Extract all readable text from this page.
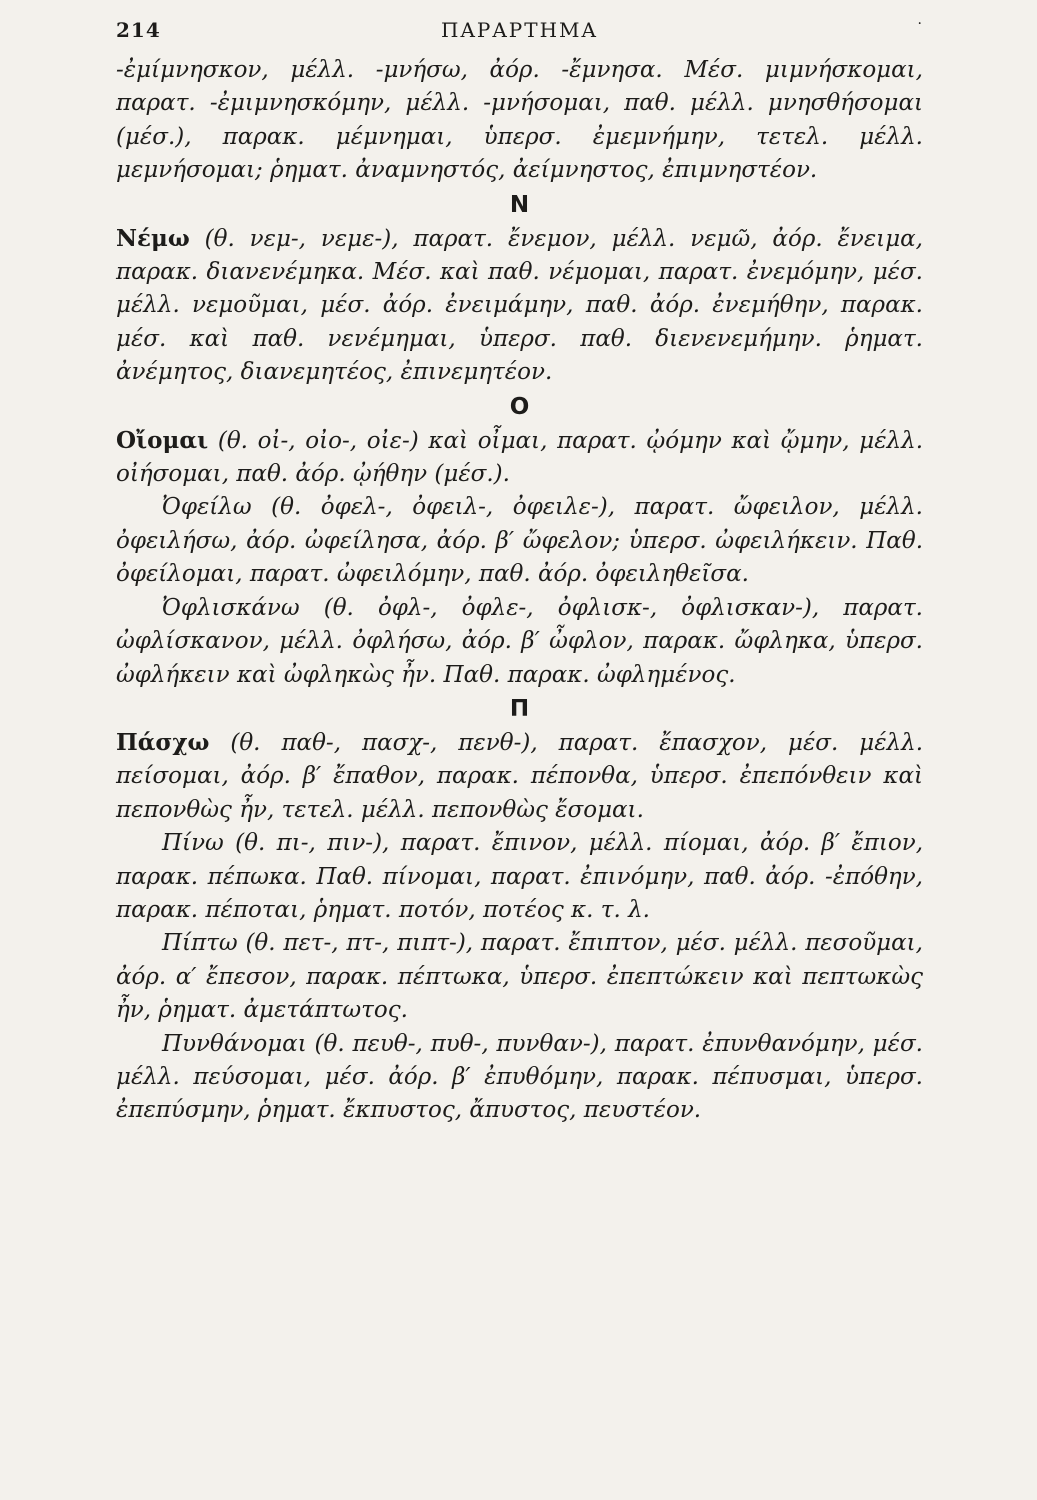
214	ΠΑΡΑΡΤΗΜΑ	·

-ἐμίμνησκον, μέλλ. -μνήσω, ἀόρ. -ἔμνησα. Μέσ. μιμνήσκομαι, παρατ. -ἐμιμνησκόμην, μέλλ. -μνήσομαι, παθ. μέλλ. μνησθήσομαι (μέσ.), παρακ. μέμνημαι, ὑπερσ. ἐμεμνήμην, τετελ. μέλλ. μεμνήσομαι; ῥηματ. ἀναμνηστός, ἀείμνηστος, ἐπιμνηστέον.

N

Νέμω (θ. νεμ-, νεμε-), παρατ. ἔνεμον, μέλλ. νεμῶ, ἀόρ. ἔνειμα, παρακ. διανενέμηκα. Μέσ. καὶ παθ. νέμομαι, παρατ. ἐνεμόμην, μέσ. μέλλ. νεμοῦμαι, μέσ. ἀόρ. ἐνειμάμην, παθ. ἀόρ. ἐνεμήθην, παρακ. μέσ. καὶ παθ. νενέμημαι, ὑπερσ. παθ. διενενεμήμην. ῥηματ. ἀνέμητος, διανεμητέος, ἐπινεμητέον.

O

Οἴομαι (θ. οἰ-, οἰο-, οἰε-) καὶ οἶμαι, παρατ. ᾠόμην καὶ ᾤμην, μέλλ. οἰήσομαι, παθ. ἀόρ. ᾠήθην (μέσ.).

Ὀφείλω (θ. ὀφελ-, ὀφειλ-, ὀφειλε-), παρατ. ὤφειλον, μέλλ. ὀφειλήσω, ἀόρ. ὠφείλησα, ἀόρ. β′ ὤφελον; ὑπερσ. ὠφειλήκειν. Παθ. ὀφείλομαι, παρατ. ὠφειλόμην, παθ. ἀόρ. ὀφειληθεῖσα.

Ὀφλισκάνω (θ. ὀφλ-, ὀφλε-, ὀφλισκ-, ὀφλισκαν-), παρατ. ὠφλίσκανον, μέλλ. ὀφλήσω, ἀόρ. β′ ὦφλον, παρακ. ὤφληκα, ὑπερσ. ὠφλήκειν καὶ ὠφληκὼς ἦν. Παθ. παρακ. ὠφλημένος.

Π

Πάσχω (θ. παθ-, πασχ-, πενθ-), παρατ. ἔπασχον, μέσ. μέλλ. πείσομαι, ἀόρ. β′ ἔπαθον, παρακ. πέπονθα, ὑπερσ. ἐπεπόνθειν καὶ πεπονθὼς ἦν, τετελ. μέλλ. πεπονθὼς ἔσομαι.

Πίνω (θ. πι-, πιν-), παρατ. ἔπινον, μέλλ. πίομαι, ἀόρ. β′ ἔπιον, παρακ. πέπωκα. Παθ. πίνομαι, παρατ. ἐπινόμην, παθ. ἀόρ. -ἐπόθην, παρακ. πέποται, ῥηματ. ποτόν, ποτέος κ. τ. λ.

Πίπτω (θ. πετ-, πτ-, πιπτ-), παρατ. ἔπιπτον, μέσ. μέλλ. πεσοῦμαι, ἀόρ. α′ ἔπεσον, παρακ. πέπτωκα, ὑπερσ. ἐπεπτώκειν καὶ πεπτωκὼς ἦν, ῥηματ. ἀμετάπτωτος.

Πυνθάνομαι (θ. πευθ-, πυθ-, πυνθαν-), παρατ. ἐπυνθανόμην, μέσ. μέλλ. πεύσομαι, μέσ. ἀόρ. β′ ἐπυθόμην, παρακ. πέπυσμαι, ὑπερσ. ἐπεπύσμην, ῥηματ. ἔκπυστος, ἄπυστος, πευστέον.
